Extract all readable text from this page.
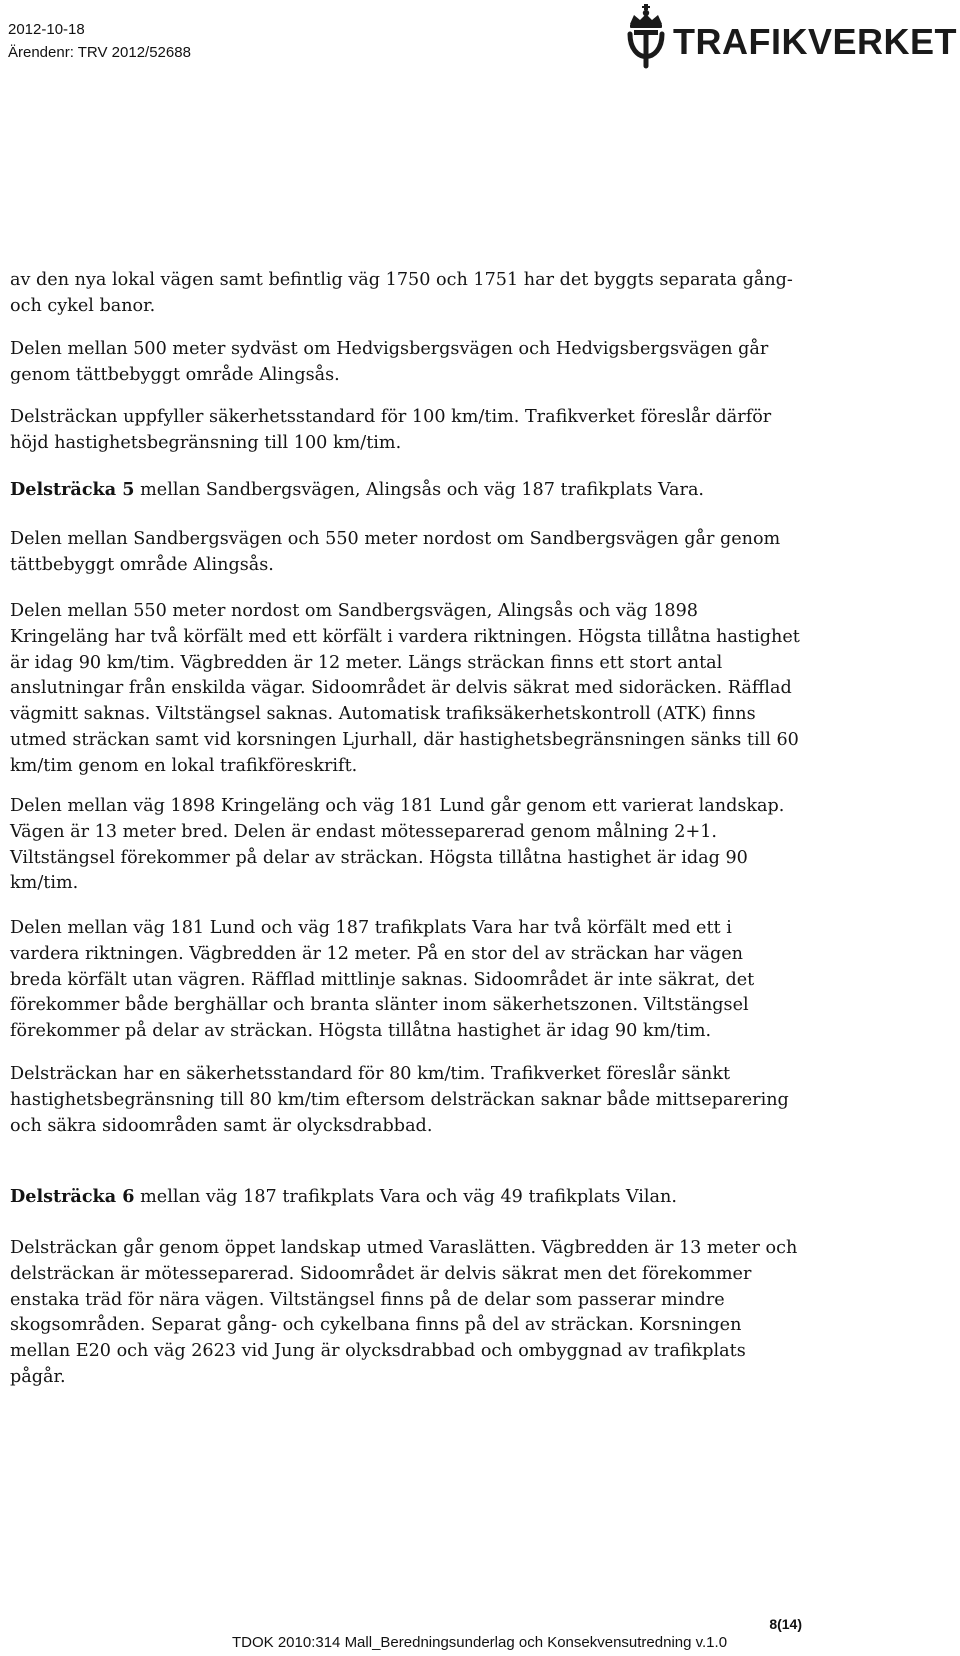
2012-10-18
Ärendenr: TRV 2012/52688	TRAFIKVERKET

av den nya lokal vägen samt befintlig väg 1750 och 1751 har det byggts separata gång- och cykel banor.

Delen mellan 500 meter sydväst om Hedvigsbergsvägen och Hedvigsbergsvägen går genom tättbebyggt område Alingsås.

Delsträckan uppfyller säkerhetsstandard för 100 km/tim. Trafikverket föreslår därför höjd hastighetsbegränsning till 100 km/tim.

Delsträcka 5 mellan Sandbergsvägen, Alingsås och väg 187 trafikplats Vara.

Delen mellan Sandbergsvägen och 550 meter nordost om Sandbergsvägen går genom tättbebyggt område Alingsås.

Delen mellan 550 meter nordost om Sandbergsvägen, Alingsås och väg 1898 Kringeläng har två körfält med ett körfält i vardera riktningen. Högsta tillåtna hastighet är idag 90 km/tim. Vägbredden är 12 meter. Längs sträckan finns ett stort antal anslutningar från enskilda vägar. Sidoområdet är delvis säkrat med sidoräcken. Räfflad vägmitt saknas. Viltstängsel saknas. Automatisk trafiksäkerhetskontroll (ATK) finns utmed sträckan samt vid korsningen Ljurhall, där hastighetsbegränsningen sänks till 60 km/tim genom en lokal trafikföreskrift.

Delen mellan väg 1898 Kringeläng och väg 181 Lund går genom ett varierat landskap. Vägen är 13 meter bred. Delen är endast mötesseparerad genom målning 2+1. Viltstängsel förekommer på delar av sträckan. Högsta tillåtna hastighet är idag 90 km/tim.

Delen mellan väg 181 Lund och väg 187 trafikplats Vara har två körfält med ett i vardera riktningen. Vägbredden är 12 meter. På en stor del av sträckan har vägen breda körfält utan vägren. Räfflad mittlinje saknas. Sidoområdet är inte säkrat, det förekommer både berghällar och branta slänter inom säkerhetszonen. Viltstängsel förekommer på delar av sträckan. Högsta tillåtna hastighet är idag 90 km/tim.

Delsträckan har en säkerhetsstandard för 80 km/tim. Trafikverket föreslår sänkt hastighetsbegränsning till 80 km/tim eftersom delsträckan saknar både mittseparering och säkra sidoområden samt är olycksdrabbad.

Delsträcka 6 mellan väg 187 trafikplats Vara och väg 49 trafikplats Vilan.

Delsträckan går genom öppet landskap utmed Varaslätten. Vägbredden är 13 meter och delsträckan är mötesseparerad. Sidoområdet är delvis säkrat men det förekommer enstaka träd för nära vägen. Viltstängsel finns på de delar som passerar mindre skogsområden. Separat gång- och cykelbana finns på del av sträckan. Korsningen mellan E20 och väg 2623 vid Jung är olycksdrabbad och ombyggnad av trafikplats pågår.

8(14)
TDOK 2010:314 Mall_Beredningsunderlag och Konsekvensutredning v.1.0
